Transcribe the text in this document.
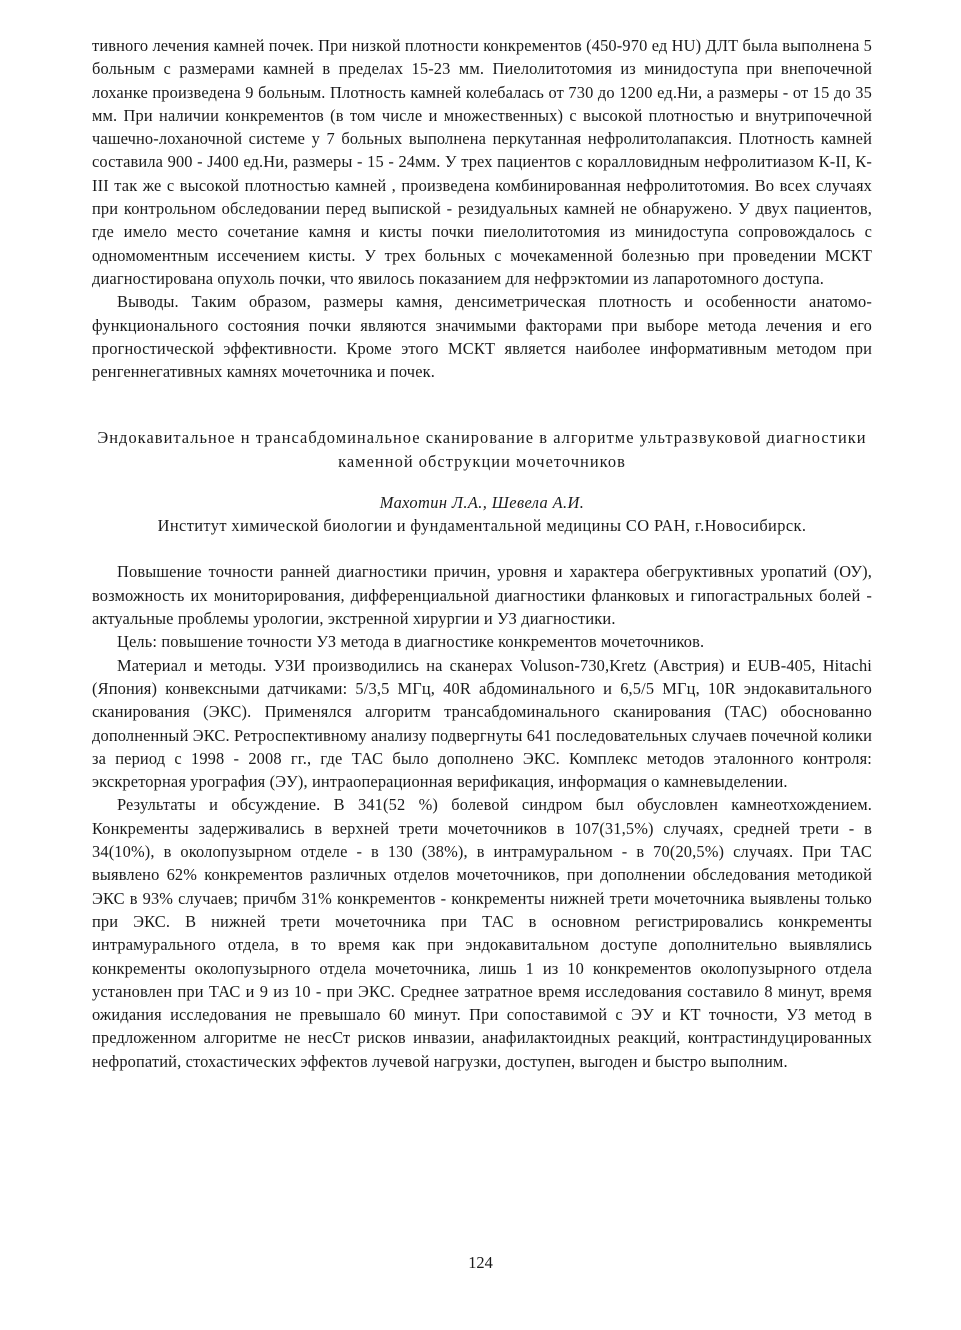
тивного лечения камней почек. При низкой плотности конкрементов (450-970 ед HU) ДЛТ была выполнена 5 больным с размерами камней в пределах 15-23 мм. Пиелолитотомия из минидоступа при внепочечной лоханке произведена 9 больным. Плотность камней колебалась от 730 до 1200 ед.Ни, а размеры - от 15 до 35 мм. При наличии конкрементов (в том числе и множественных) с высокой плотностью и внутрипочечной чашечно-лоханочной системе у 7 больных выполнена перкутанная нефролитолапаксия. Плотность камней составила 900 - J400 ед.Ни, размеры - 15 - 24мм. У трех пациентов с коралловидным нефролитиазом К-II, К-III так же с высокой плотностью камней , произведена комбинированная нефролитотомия. Во всех случаях при контрольном обследовании перед выпиской - резидуальных камней не обнаружено. У двух пациентов, где имело место сочетание камня и кисты почки пиелолитотомия из минидоступа сопровождалось с одномоментным иссечением кисты. У трех больных с мочекаменной болезнью при проведении МСКТ диагностирована опухоль почки, что явилось показанием для нефрэктомии из лапаротомного доступа.

Выводы. Таким образом, размеры камня, денсиметрическая плотность и особенности анатомо-функционального состояния почки являются значимыми факторами при выборе метода лечения и его прогностической эффективности. Кроме этого МСКТ является наиболее информативным методом при ренгеннегативных камнях мочеточника и почек.

Эндокавитальное н трансабдоминальное сканирование в алгоритме ультразвуковой диагностики каменной обструкции мочеточников

Махотин Л.А., Шевела А.И.

Институт химической биологии и фундаментальной медицины СО РАН, г.Новосибирск.

Повышение точности ранней диагностики причин, уровня и характера обегруктивных уропатий (ОУ), возможность их мониторирования, дифференциальной диагностики фланковых и гипогастральных болей - актуальные проблемы урологии, экстренной хирургии и УЗ диагностики.

Цель: повышение точности УЗ метода в диагностике конкрементов мочеточников.

Материал и методы. УЗИ производились на сканерах Voluson-730,Kretz (Австрия) и EUB-405, Hitachi (Япония) конвексными датчиками: 5/3,5 МГц, 40R абдоминального и 6,5/5 МГц, 10R эндокавитального сканирования (ЭКС). Применялся алгоритм трансабдоминального сканирования (ТАС) обоснованно дополненный ЭКС. Ретроспективному анализу подвергнуты 641 последовательных случаев почечной колики за период с 1998 - 2008 гг., где ТАС было дополнено ЭКС. Комплекс методов эталонного контроля: экскреторная урография (ЭУ), интраоперационная верификация, информация о камневыделении.

Результаты и обсуждение. В 341(52 %) болевой синдром был обусловлен камнеотхождением. Конкременты задерживались в верхней трети мочеточников в 107(31,5%) случаях, средней трети - в 34(10%), в околопузырном отделе - в 130 (38%), в интрамуральном - в 70(20,5%) случаях. При ТАС выявлено 62% конкрементов различных отделов мочеточников, при дополнении обследования методикой ЭКС в 93% случаев; причбм 31% конкрементов - конкременты нижней трети мочеточника выявлены только при ЭКС. В нижней трети мочеточника при ТАС в основном регистрировались конкременты интрамурального отдела, в то время как при эндокавитальном доступе дополнительно выявлялись конкременты околопузырного отдела мочеточника, лишь 1 из 10 конкрементов околопузырного отдела установлен при ТАС и 9 из 10 - при ЭКС. Среднее затратное время исследования составило 8 минут, время ожидания исследования не превышало 60 минут. При сопоставимой с ЭУ и КТ точности, УЗ метод в предложенном алгоритме не несСт рисков инвазии, анафилактоидных реакций, контрастиндуцированных нефропатий, стохастических эффектов лучевой нагрузки, доступен, выгоден и быстро выполним.

124
